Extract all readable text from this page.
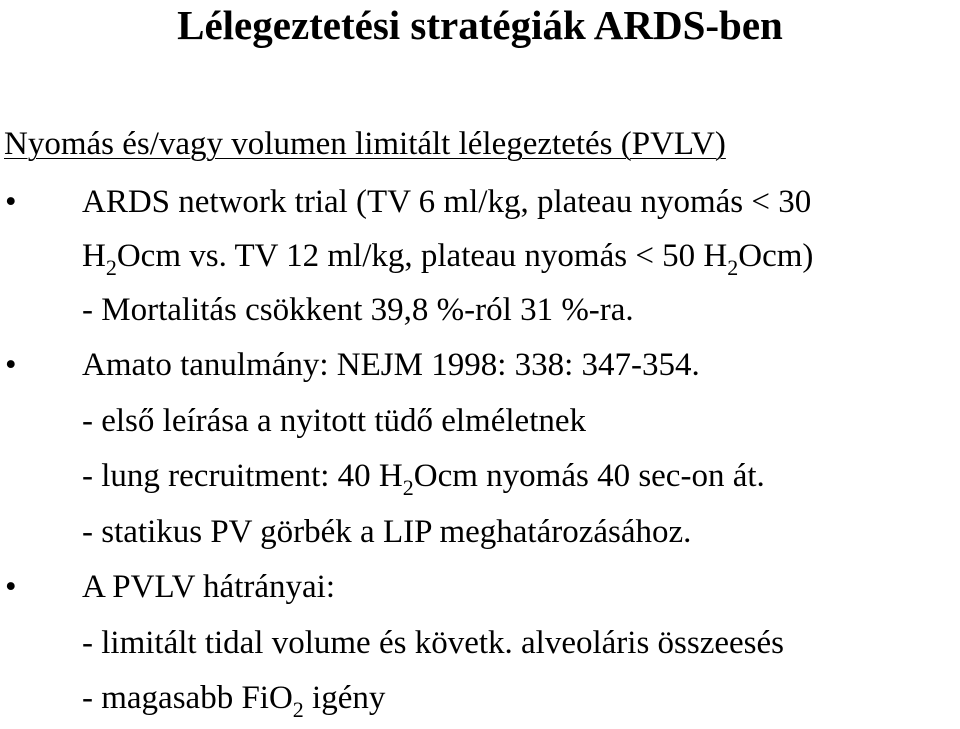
Lélegeztetési stratégiák ARDS-ben
Nyomás és/vagy volumen limitált lélegeztetés (PVLV)
• ARDS network trial (TV 6 ml/kg, plateau nyomás < 30
$H_2Ocm$ vs. TV 12 ml/kg, plateau nyomás < 50 $H_2Ocm$)
- Mortalitás csökkent 39,8 %-ról 31 %-ra.
• Amato tanulmány: NEJM 1998: 338: 347-354.
- első leírása a nyitott tüdő elméletnek
- lung recruitment: 40 $H_2Ocm$ nyomás 40 sec-on át.
- statikus PV görbék a LIP meghatározásához.
• A PVLV hátrányai:
- limitált tidal volume és követk. alveoláris összeesés
- magasabb FiO$_2$ igény
